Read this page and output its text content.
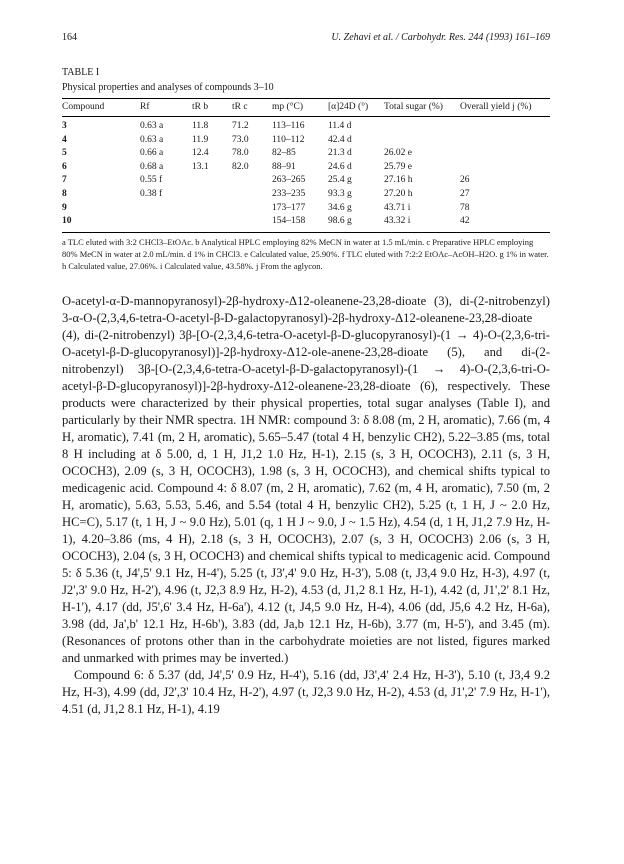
164	U. Zehavi et al. / Carbohydr. Res. 244 (1993) 161–169
TABLE I
Physical properties and analyses of compounds 3–10
Compound	Rf	tR b	tR c	mp (°C)	[α]24D (°)	Total sugar (%)	Overall yield j (%)
3	0.63 a	11.8	71.2	113–116	11.4 d		
4	0.63 a	11.9	73.0	110–112	42.4 d		
5	0.66 a	12.4	78.0	82–85	21.3 d	26.02 e	
6	0.68 a	13.1	82.0	88–91	24.6 d	25.79 e	
7	0.55 f			263–265	25.4 g	27.16 h	26
8	0.38 f			233–235	93.3 g	27.20 h	27
9				173–177	34.6 g	43.71 i	78
10				154–158	98.6 g	43.32 i	42
a TLC eluted with 3:2 CHCl3–EtOAc. b Analytical HPLC employing 82% MeCN in water at 1.5 mL/min. c Preparative HPLC employing 80% MeCN in water at 2.0 mL/min. d 1% in CHCl3. e Calculated value, 25.90%. f TLC eluted with 7:2:2 EtOAc–AcOH–H2O. g 1% in water. h Calculated value, 27.06%. i Calculated value, 43.58%. j From the aglycon.

O-acetyl-α-D-mannopyranosyl)-2β-hydroxy-Δ12-oleanene-23,28-dioate (3), di-(2-nitrobenzyl) 3-α-O-(2,3,4,6-tetra-O-acetyl-β-D-galactopyranosyl)-2β-hydroxy-Δ12-oleanene-23,28-dioate (4), di-(2-nitrobenzyl) 3β-[O-(2,3,4,6-tetra-O-acetyl-β-D-glucopyranosyl)-(1 → 4)-O-(2,3,6-tri-O-acetyl-β-D-glucopyranosyl)]-2β-hydroxy-Δ12-ole-anene-23,28-dioate (5), and di-(2-nitrobenzyl) 3β-[O-(2,3,4,6-tetra-O-acetyl-β-D-galactopyranosyl)-(1 → 4)-O-(2,3,6-tri-O-acetyl-β-D-glucopyranosyl)]-2β-hydroxy-Δ12-oleanene-23,28-dioate (6), respectively. These products were characterized by their physical properties, total sugar analyses (Table I), and particularly by their NMR spectra. 1H NMR: compound 3: δ 8.08 (m, 2 H, aromatic), 7.66 (m, 4 H, aromatic), 7.41 (m, 2 H, aromatic), 5.65–5.47 (total 4 H, benzylic CH2), 5.22–3.85 (ms, total 8 H including at δ 5.00, d, 1 H, J1,2 1.0 Hz, H-1), 2.15 (s, 3 H, OCOCH3), 2.11 (s, 3 H, OCOCH3), 2.09 (s, 3 H, OCOCH3), 1.98 (s, 3 H, OCOCH3), and chemical shifts typical to medicagenic acid. Compound 4: δ 8.07 (m, 2 H, aromatic), 7.62 (m, 4 H, aromatic), 7.50 (m, 2 H, aromatic), 5.63, 5.53, 5.46, and 5.54 (total 4 H, benzylic CH2), 5.25 (t, 1 H, J ~ 2.0 Hz, HC=C), 5.17 (t, 1 H, J ~ 9.0 Hz), 5.01 (q, 1 H J ~ 9.0, J ~ 1.5 Hz), 4.54 (d, 1 H, J1,2 7.9 Hz, H-1), 4.20–3.86 (ms, 4 H), 2.18 (s, 3 H, OCOCH3), 2.07 (s, 3 H, OCOCH3) 2.06 (s, 3 H, OCOCH3), 2.04 (s, 3 H, OCOCH3) and chemical shifts typical to medicagenic acid. Compound 5: δ 5.36 (t, J4',5' 9.1 Hz, H-4'), 5.25 (t, J3',4' 9.0 Hz, H-3'), 5.08 (t, J3,4 9.0 Hz, H-3), 4.97 (t, J2',3' 9.0 Hz, H-2'), 4.96 (t, J2,3 8.9 Hz, H-2), 4.53 (d, J1,2 8.1 Hz, H-1), 4.42 (d, J1',2' 8.1 Hz, H-1'), 4.17 (dd, J5',6' 3.4 Hz, H-6a'), 4.12 (t, J4,5 9.0 Hz, H-4), 4.06 (dd, J5,6 4.2 Hz, H-6a), 3.98 (dd, Ja',b' 12.1 Hz, H-6b'), 3.83 (dd, Ja,b 12.1 Hz, H-6b), 3.77 (m, H-5'), and 3.45 (m). (Resonances of protons other than in the carbohydrate moieties are not listed, figures marked and unmarked with primes may be inverted.)

Compound 6: δ 5.37 (dd, J4',5' 0.9 Hz, H-4'), 5.16 (dd, J3',4' 2.4 Hz, H-3'), 5.10 (t, J3,4 9.2 Hz, H-3), 4.99 (dd, J2',3' 10.4 Hz, H-2'), 4.97 (t, J2,3 9.0 Hz, H-2), 4.53 (d, J1',2' 7.9 Hz, H-1'), 4.51 (d, J1,2 8.1 Hz, H-1), 4.19
